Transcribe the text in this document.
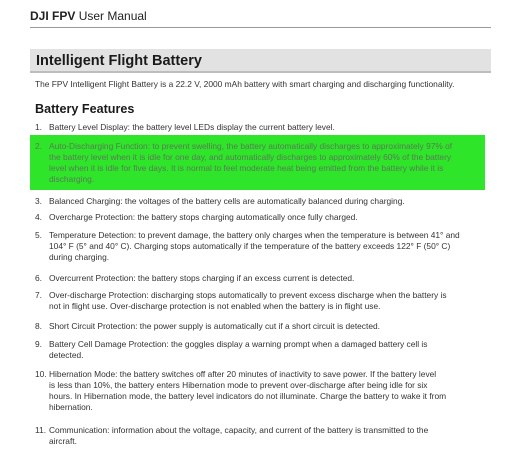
DJI FPV User Manual
Intelligent Flight Battery
The FPV Intelligent Flight Battery is a 22.2 V, 2000 mAh battery with smart charging and discharging functionality.
Battery Features
1. Battery Level Display: the battery level LEDs display the current battery level.
2. Auto-Discharging Function: to prevent swelling, the battery automatically discharges to approximately 97% of
the battery level when it is idle for one day, and automatically discharges to approximately 60% of the battery
level when it is idle for five days. It is normal to feel moderate heat being emitted from the battery while it is
discharging.
3. Balanced Charging: the voltages of the battery cells are automatically balanced during charging.
4. Overcharge Protection: the battery stops charging automatically once fully charged.
5. Temperature Detection: to prevent damage, the battery only charges when the temperature is between 41° and
104° F (5° and 40° C). Charging stops automatically if the temperature of the battery exceeds 122° F (50° C)
during charging.
6. Overcurrent Protection: the battery stops charging if an excess current is detected.
7. Over-discharge Protection: discharging stops automatically to prevent excess discharge when the battery is
not in flight use. Over-discharge protection is not enabled when the battery is in flight use.
8. Short Circuit Protection: the power supply is automatically cut if a short circuit is detected.
9. Battery Cell Damage Protection: the goggles display a warning prompt when a damaged battery cell is
detected.
10. Hibernation Mode: the battery switches off after 20 minutes of inactivity to save power. If the battery level
is less than 10%, the battery enters Hibernation mode to prevent over-discharge after being idle for six
hours. In Hibernation mode, the battery level indicators do not illuminate. Charge the battery to wake it from
hibernation.
11. Communication: information about the voltage, capacity, and current of the battery is transmitted to the
aircraft.
